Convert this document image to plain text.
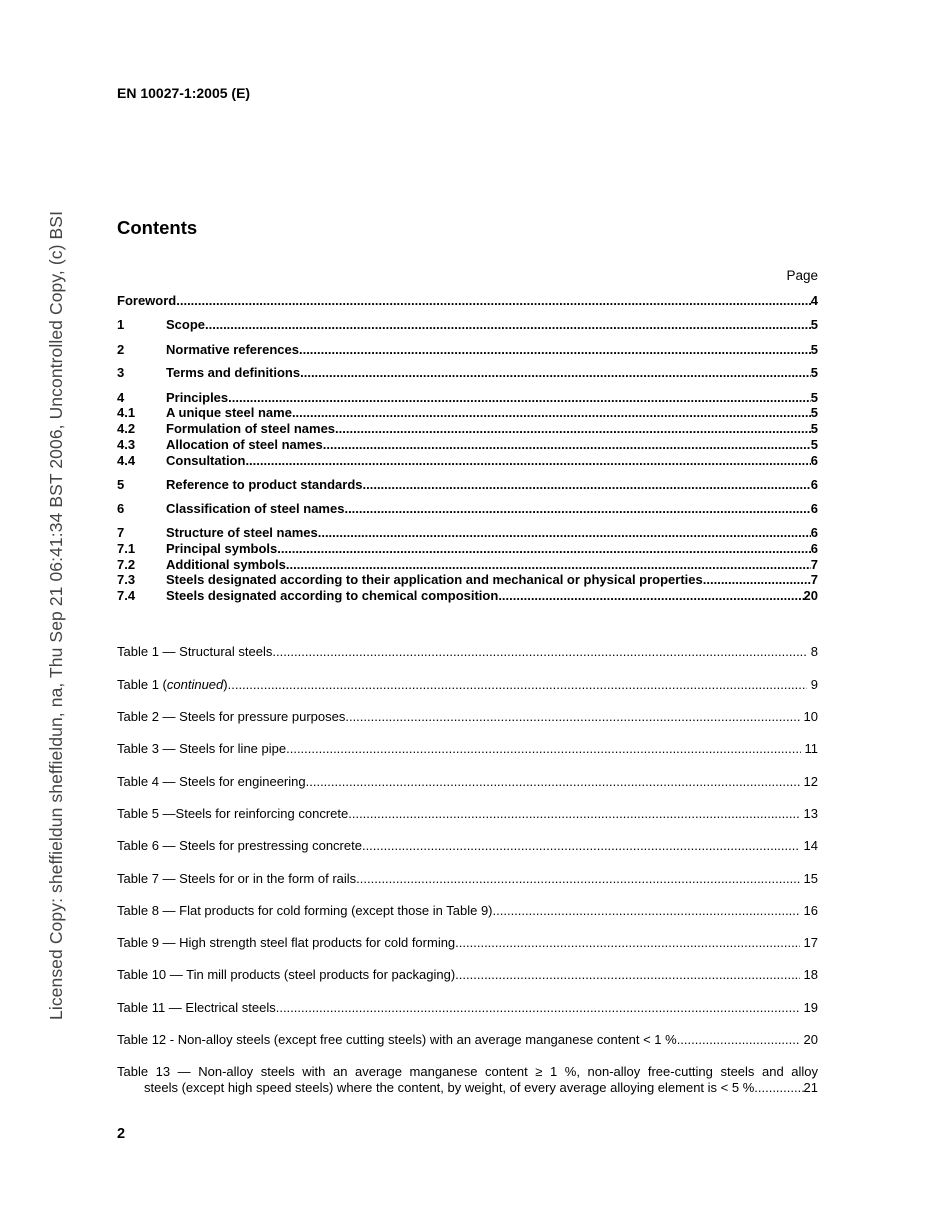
Licensed Copy: sheffieldun sheffieldun, na, Thu Sep 21 06:41:34 BST 2006, Uncontrolled Copy, (c) BSI
EN 10027-1:2005 (E)
Contents
Page
Foreword .....	4
1	Scope .....	5
2	Normative references .....	5
3	Terms and definitions .....	5
4	Principles .....	5
4.1	A unique steel name .....	5
4.2	Formulation of steel names .....	5
4.3	Allocation of steel names .....	5
4.4	Consultation .....	6
5	Reference to product standards .....	6
6	Classification of steel names .....	6
7	Structure of steel names .....	6
7.1	Principal symbols .....	6
7.2	Additional symbols .....	7
7.3	Steels designated according to their application and mechanical or physical properties .....	7
7.4	Steels designated according to chemical composition .....	20
Table 1 — Structural steels .....	8
Table 1 (continued) .....	9
Table 2 — Steels for pressure purposes .....	10
Table 3 — Steels for line pipe .....	11
Table 4 — Steels for engineering .....	12
Table 5 —Steels for reinforcing concrete .....	13
Table 6 — Steels for prestressing concrete .....	14
Table 7 — Steels for or in the form of rails .....	15
Table 8 — Flat products for cold forming (except those in Table 9) .....	16
Table 9 — High strength steel flat products for cold forming .....	17
Table 10 — Tin mill products (steel products for packaging) .....	18
Table 11 — Electrical steels .....	19
Table 12 - Non-alloy steels (except free cutting steels) with an average manganese content < 1 % .....	20
Table 13 — Non-alloy steels with an average manganese content ≥ 1 %, non-alloy free-cutting steels and alloy
steels (except high speed steels) where the content, by weight, of every average alloying element is < 5 % .....	21
2
